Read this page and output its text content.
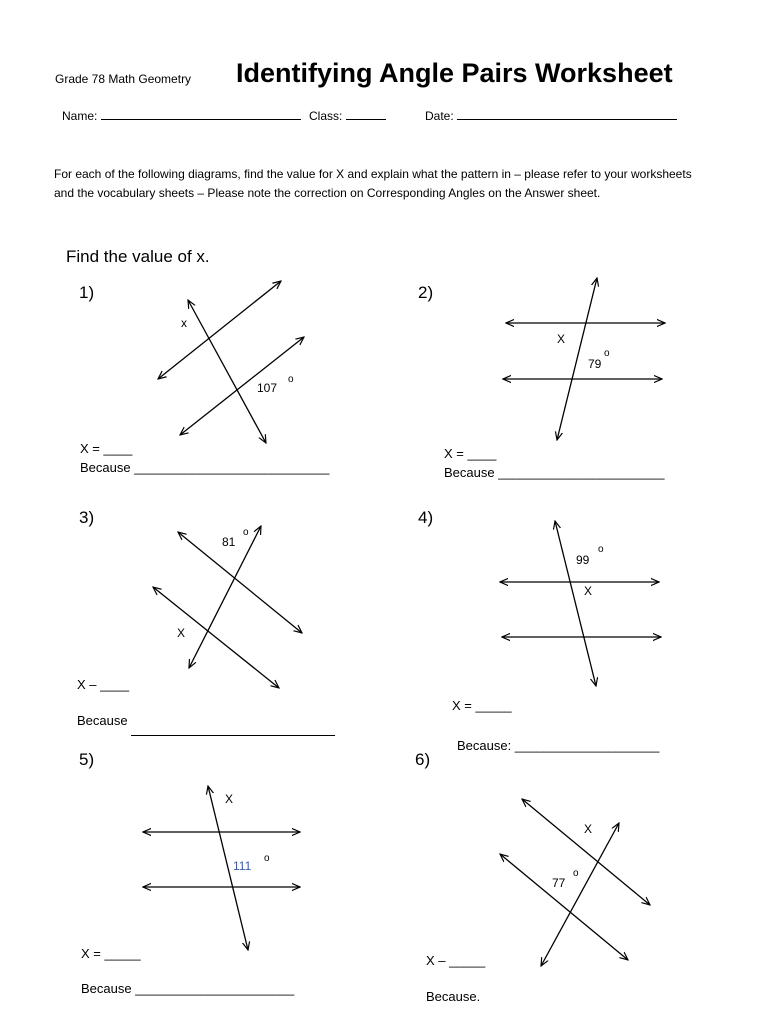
Grade 78 Math Geometry Identifying Angle Pairs Worksheet
Name:	Class:	Date:
For each of the following diagrams, find the value for X and explain what the pattern in – please refer to your worksheets and the vocabulary sheets – Please note the correction on Corresponding Angles on the Answer sheet.
Find the value of x.
1)	2)
3)	4)
5)	6)
x
107
o
X
79
o
81
o
X
99
o
X
X
111
o
X
77
o
X = ____
Because ___________________________
X = ____
Because _______________________
X – ____
Because
X = _____
Because: ____________________
X = _____
Because ______________________
X – _____
Because.
